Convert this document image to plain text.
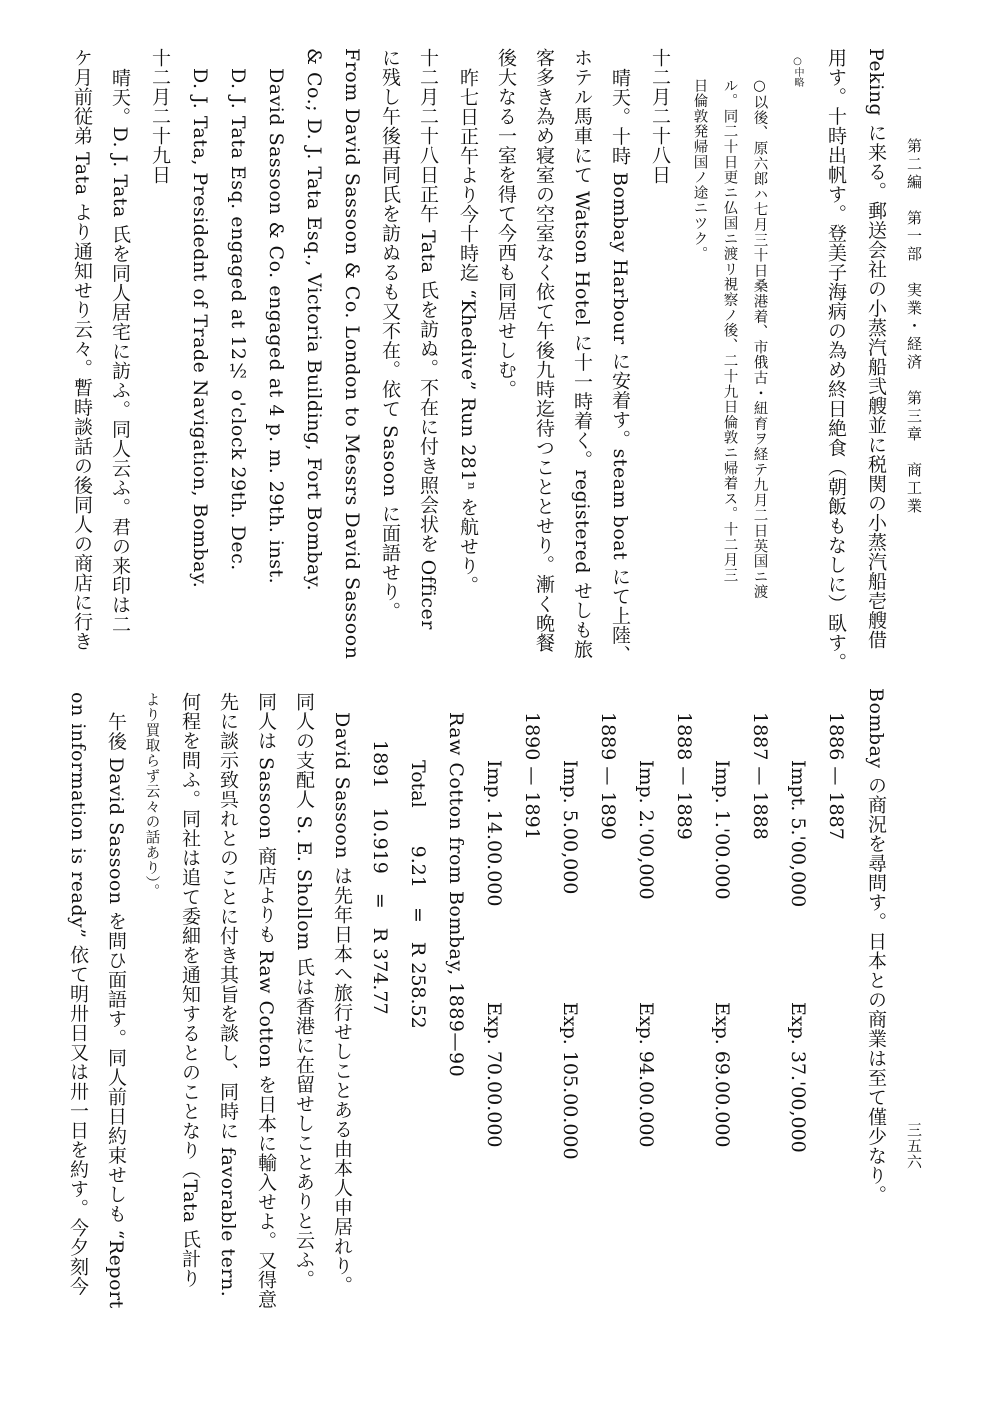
第二編　第一部　実業・経済　第三章　商工業
三五六
Peking に来る。郵送会社の小蒸汽船弐艘並に税関の小蒸汽船壱艘借
用す。十時出帆す。登美子海病の為め終日絶食（朝飯もなしに）臥す。
○中略
○以後、原六郎ハ七月三十日桑港着、市俄古・紐育ヲ経テ九月二日英国ニ渡
ル。同二十日更ニ仏国ニ渡リ視察ノ後、二十九日倫敦ニ帰着ス。十二月三
日倫敦発帰国ノ途ニツク。
十二月二十八日
晴天。十時 Bombay Harbour に安着す。steam boat にて上陸、
ホテル馬車にて Watson Hotel に十一時着く。registered せしも旅
客多き為め寝室の空室なく依て午後九時迄待つこととせり。漸く晩餐
後大なる一室を得て今西も同居せしむ。
昨七日正午より今十時迄 “Khedive” Run 281ⁿ を航せり。
十二月二十八日正午 Tata 氏を訪ぬ。不在に付き照会状を Officer
に残し午後再同氏を訪ぬるも又不在。依て Sasoon に面語せり。
From David Sassoon & Co. London to Messrs David Sassoon
& Co.; D. J. Tata Esq., Victoria Building, Fort Bombay.
David Sassoon & Co. engaged at 4 p. m. 29th. inst.
D. J. Tata Esq. engaged at 12½ o'clock 29th. Dec.
D. J. Tata, Presidednt of Trade Navigation, Bombay.
十二月二十九日
晴天。D. J. Tata 氏を同人居宅に訪ふ。同人云ふ。君の来印は二
ケ月前従弟 Tata より通知せり云々。暫時談話の後同人の商店に行き
Bombay の商況を尋問す。日本との商業は至て僅少なり。
1886 — 1887
Impt. 5.'00,000
Exp. 37.'00,000
1887 — 1888
Imp. 1.'00.000
Exp. 69.00.000
1888 — 1889
Imp. 2.'00,000
Exp. 94.00.000
1889 — 1890
Imp. 5.00,000
Exp. 105.00.000
1890 — 1891
Imp. 14.00.000
Exp. 70.00.000
Raw Cotton from Bombay, 1889—90
Total　　9.21　=　R 258.52
1891　10.919　=　R 374.77
David Sassoon は先年日本へ旅行せしことある由本人申居れり。
同人の支配人 S. E. Shollom 氏は香港に在留せしことありと云ふ。
同人は Sassoon 商店よりも Raw Cotton を日本に輸入せよ。又得意
先に談示致呉れとのことに付き其旨を談し、同時に favorable tern.
何程を問ふ。同社は追て委細を通知するとのことなり（Tata 氏計り
より買取らず云々の話あり）。
午後 David Sassoon を問ひ面語す。同人前日約束せしも “Report
on information is ready” 依て明卅日又は卅一日を約す。今夕刻今
